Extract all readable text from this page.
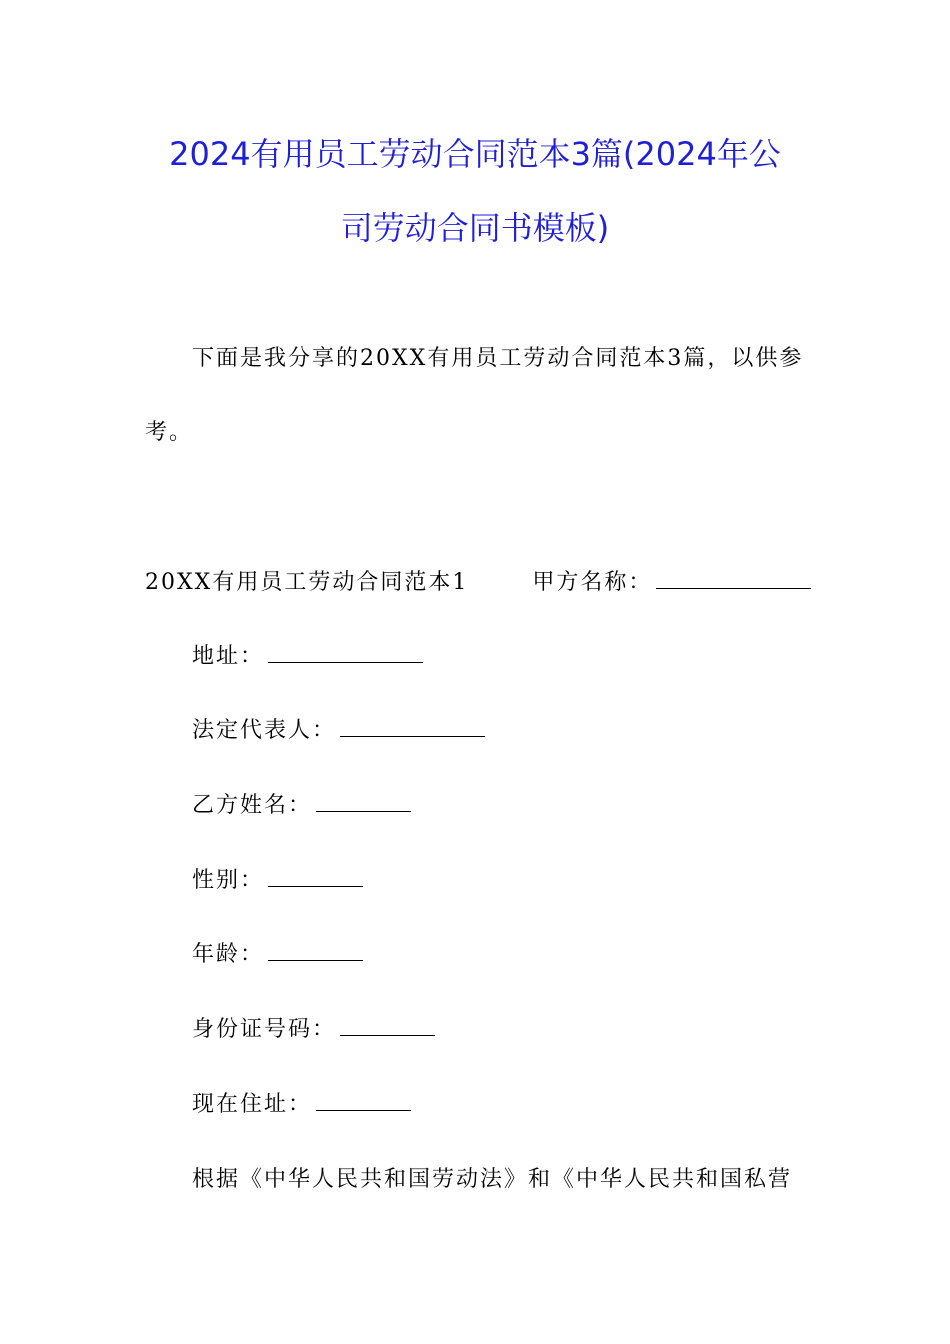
2024有用员工劳动合同范本3篇(2024年公
司劳动合同书模板)
下面是我分享的20XX有用员工劳动合同范本3篇，以供参
考。
20XX有用员工劳动合同范本1	甲方名称：
地址：
法定代表人：
乙方姓名：
性别：
年龄：
身份证号码：
现在住址：
根据《中华人民共和国劳动法》和《中华人民共和国私营
